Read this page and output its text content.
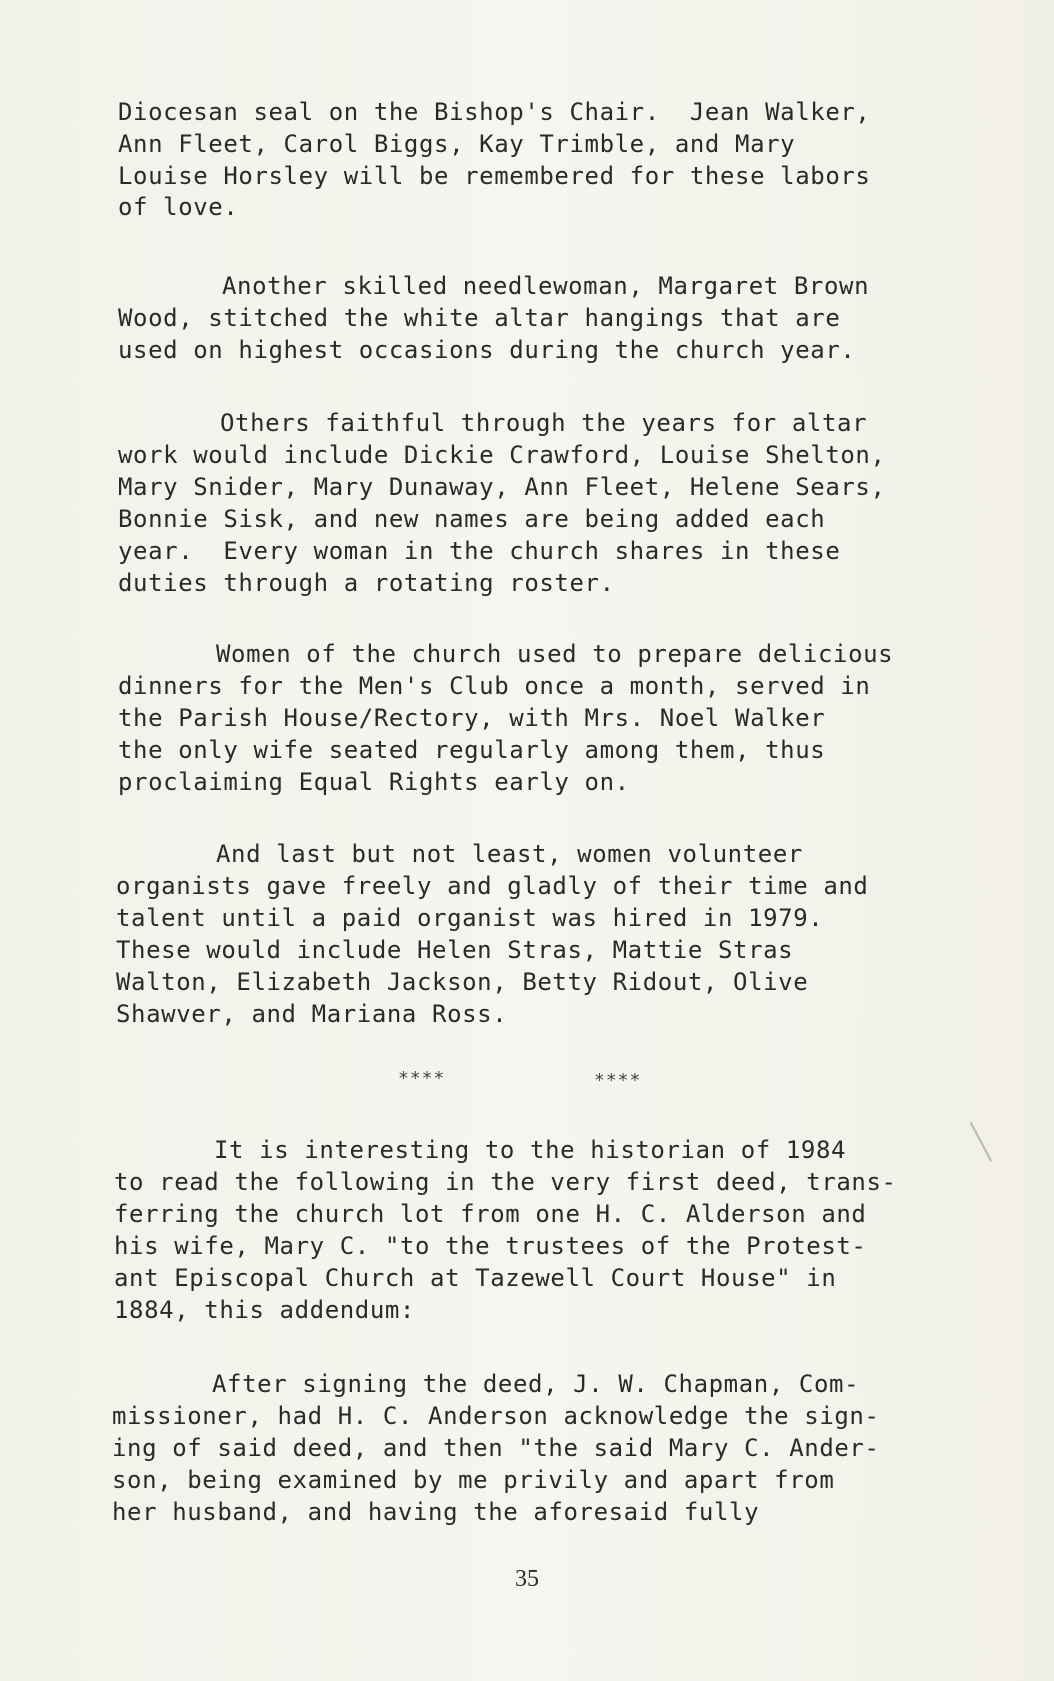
Diocesan seal on the Bishop's Chair.  Jean Walker,
Ann Fleet, Carol Biggs, Kay Trimble, and Mary
Louise Horsley will be remembered for these labors
of love.
Another skilled needlewoman, Margaret Brown
Wood, stitched the white altar hangings that are
used on highest occasions during the church year.
Others faithful through the years for altar
work would include Dickie Crawford, Louise Shelton,
Mary Snider, Mary Dunaway, Ann Fleet, Helene Sears,
Bonnie Sisk, and new names are being added each
year.  Every woman in the church shares in these
duties through a rotating roster.
Women of the church used to prepare delicious
dinners for the Men's Club once a month, served in
the Parish House/Rectory, with Mrs. Noel Walker
the only wife seated regularly among them, thus
proclaiming Equal Rights early on.
And last but not least, women volunteer
organists gave freely and gladly of their time and
talent until a paid organist was hired in 1979.
These would include Helen Stras, Mattie Stras
Walton, Elizabeth Jackson, Betty Ridout, Olive
Shawver, and Mariana Ross.
****	****
It is interesting to the historian of 1984
to read the following in the very first deed, trans-
ferring the church lot from one H. C. Alderson and
his wife, Mary C. "to the trustees of the Protest-
ant Episcopal Church at Tazewell Court House" in
1884, this addendum:
After signing the deed, J. W. Chapman, Com-
missioner, had H. C. Anderson acknowledge the sign-
ing of said deed, and then "the said Mary C. Ander-
son, being examined by me privily and apart from
her husband, and having the aforesaid fully
35
